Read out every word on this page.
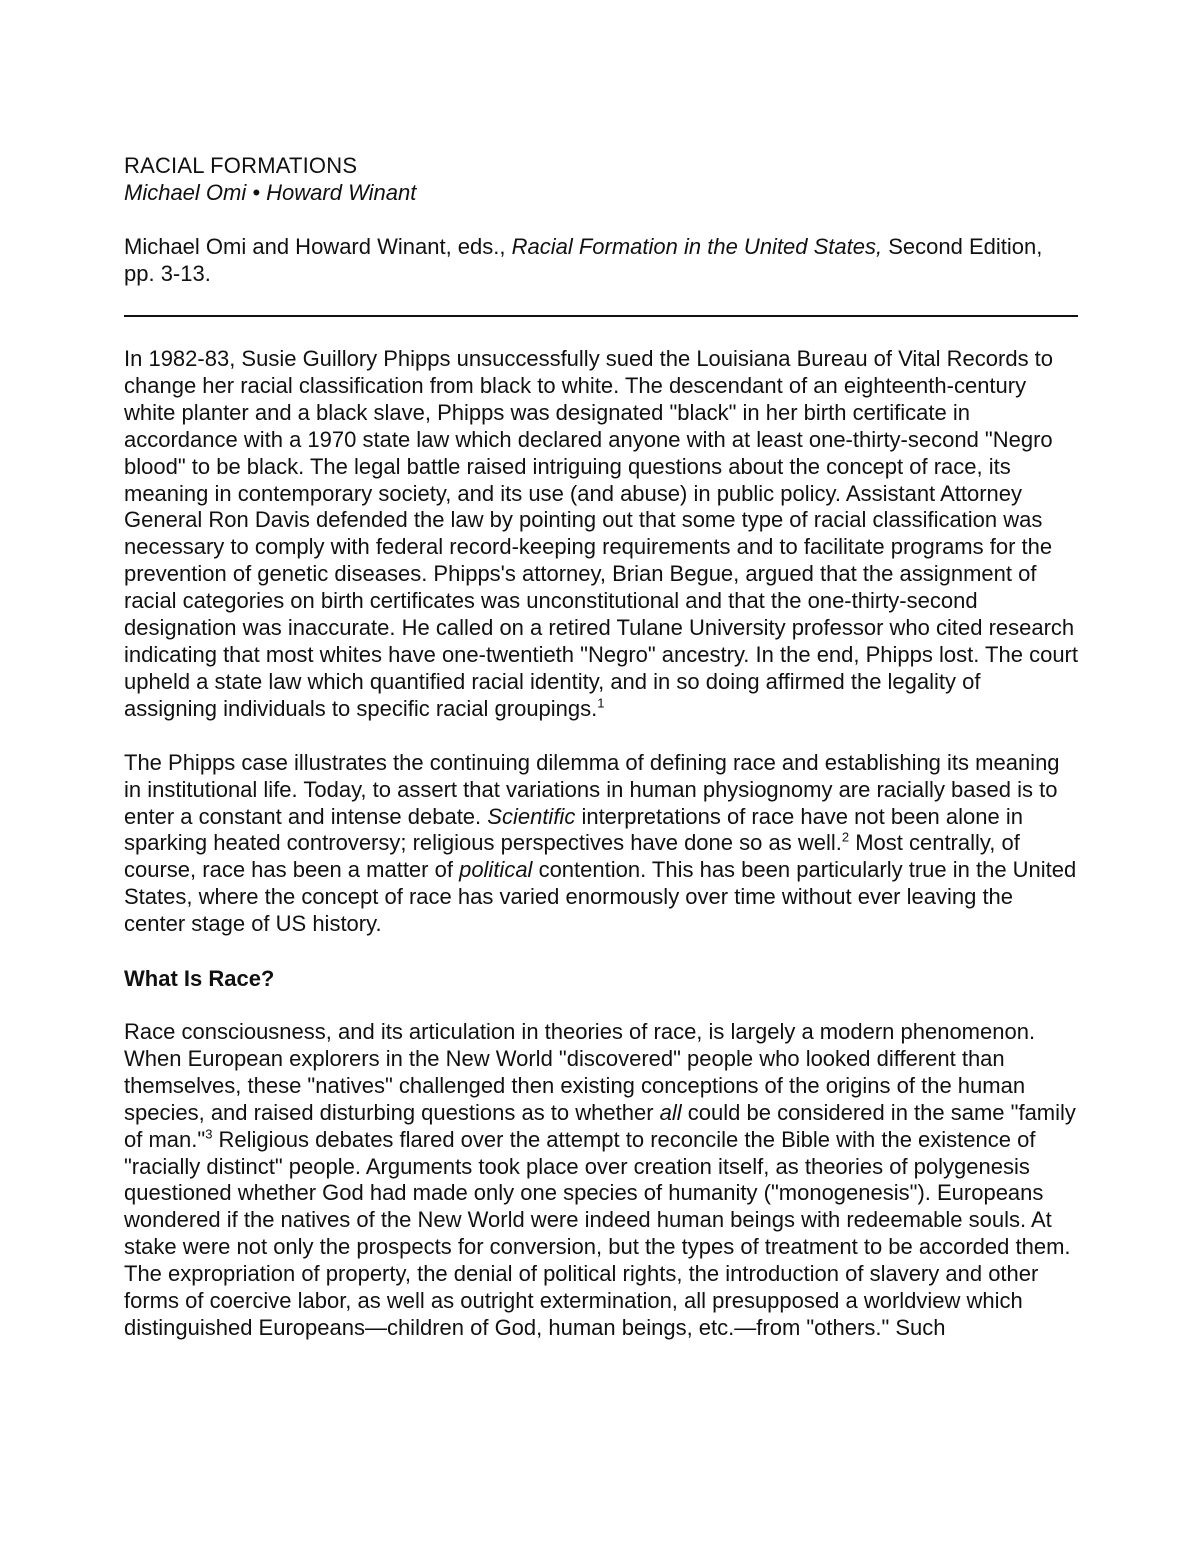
RACIAL FORMATIONS

Michael Omi • Howard Winant

Michael Omi and Howard Winant, eds., Racial Formation in the United States, Second Edition, pp. 3-13.

In 1982-83, Susie Guillory Phipps unsuccessfully sued the Louisiana Bureau of Vital Records to change her racial classification from black to white. The descendant of an eighteenth-century white planter and a black slave, Phipps was designated "black" in her birth certificate in accordance with a 1970 state law which declared anyone with at least one-thirty-second "Negro blood" to be black. The legal battle raised intriguing questions about the concept of race, its meaning in contemporary society, and its use (and abuse) in public policy. Assistant Attorney General Ron Davis defended the law by pointing out that some type of racial classification was necessary to comply with federal record-keeping requirements and to facilitate programs for the prevention of genetic diseases. Phipps's attorney, Brian Begue, argued that the assignment of racial categories on birth certificates was unconstitutional and that the one-thirty-second designation was inaccurate. He called on a retired Tulane University professor who cited research indicating that most whites have one-twentieth "Negro" ancestry. In the end, Phipps lost. The court upheld a state law which quantified racial identity, and in so doing affirmed the legality of assigning individuals to specific racial groupings.$^1$

The Phipps case illustrates the continuing dilemma of defining race and establishing its meaning in institutional life. Today, to assert that variations in human physiognomy are racially based is to enter a constant and intense debate. Scientific interpretations of race have not been alone in sparking heated controversy; religious perspectives have done so as well.$^2$ Most centrally, of course, race has been a matter of political contention. This has been particularly true in the United States, where the concept of race has varied enormously over time without ever leaving the center stage of US history.

What Is Race?

Race consciousness, and its articulation in theories of race, is largely a modern phenomenon. When European explorers in the New World "discovered" people who looked different than themselves, these "natives" challenged then existing conceptions of the origins of the human species, and raised disturbing questions as to whether all could be considered in the same "family of man."$^3$ Religious debates flared over the attempt to reconcile the Bible with the existence of "racially distinct" people. Arguments took place over creation itself, as theories of polygenesis questioned whether God had made only one species of humanity ("monogenesis"). Europeans wondered if the natives of the New World were indeed human beings with redeemable souls. At stake were not only the prospects for conversion, but the types of treatment to be accorded them. The expropriation of property, the denial of political rights, the introduction of slavery and other forms of coercive labor, as well as outright extermination, all presupposed a worldview which distinguished Europeans—children of God, human beings, etc.—from "others." Such
